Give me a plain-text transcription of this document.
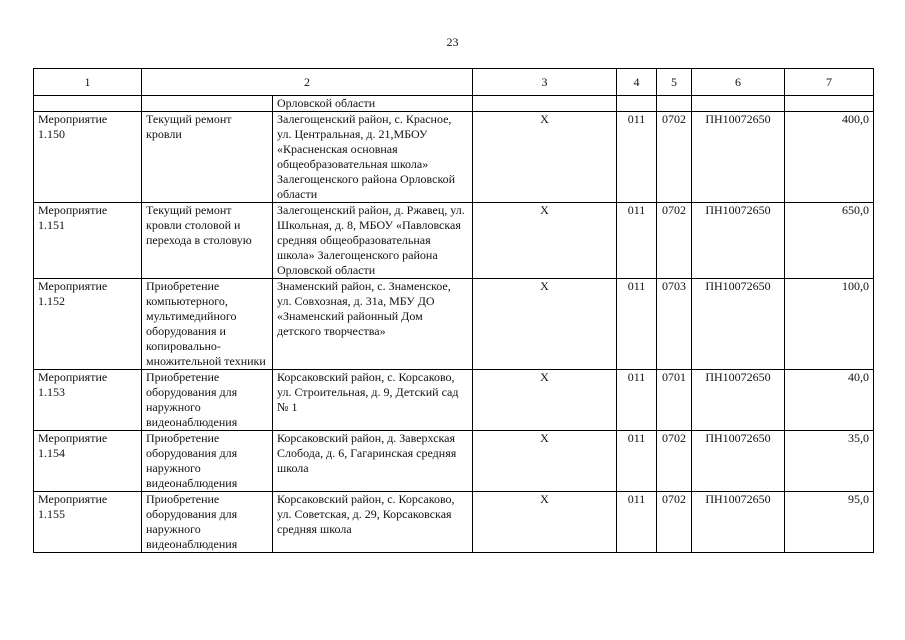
23
1	2		3	4	5	6	7
		Орловской области					
Мероприятие 1.150	Текущий ремонт кровли	Залегощенский район, с. Красное, ул. Центральная, д. 21,МБОУ «Красненская основная общеобразовательная школа» Залегощенского района Орловской области	Х	011	0702	ПН10072650	400,0
Мероприятие 1.151	Текущий ремонт кровли столовой и перехода в столовую	Залегощенский район, д. Ржавец, ул. Школьная, д. 8, МБОУ «Павловская средняя общеобразовательная школа» Залегощенского района Орловской области	Х	011	0702	ПН10072650	650,0
Мероприятие 1.152	Приобретение компьютерного, мультимедийного оборудования и копировально-множительной техники	Знаменский район, с. Знаменское, ул. Совхозная, д. 31а, МБУ ДО «Знаменский районный Дом детского творчества»	Х	011	0703	ПН10072650	100,0
Мероприятие 1.153	Приобретение оборудования для наружного видеонаблюдения	Корсаковский район, с. Корсаково, ул. Строительная, д. 9, Детский сад № 1	Х	011	0701	ПН10072650	40,0
Мероприятие 1.154	Приобретение оборудования для наружного видеонаблюдения	Корсаковский район, д. Заверхская Слобода, д. 6, Гагаринская средняя школа	Х	011	0702	ПН10072650	35,0
Мероприятие 1.155	Приобретение оборудования для наружного видеонаблюдения	Корсаковский район, с. Корсаково, ул. Советская, д. 29, Корсаковская средняя школа	Х	011	0702	ПН10072650	95,0
